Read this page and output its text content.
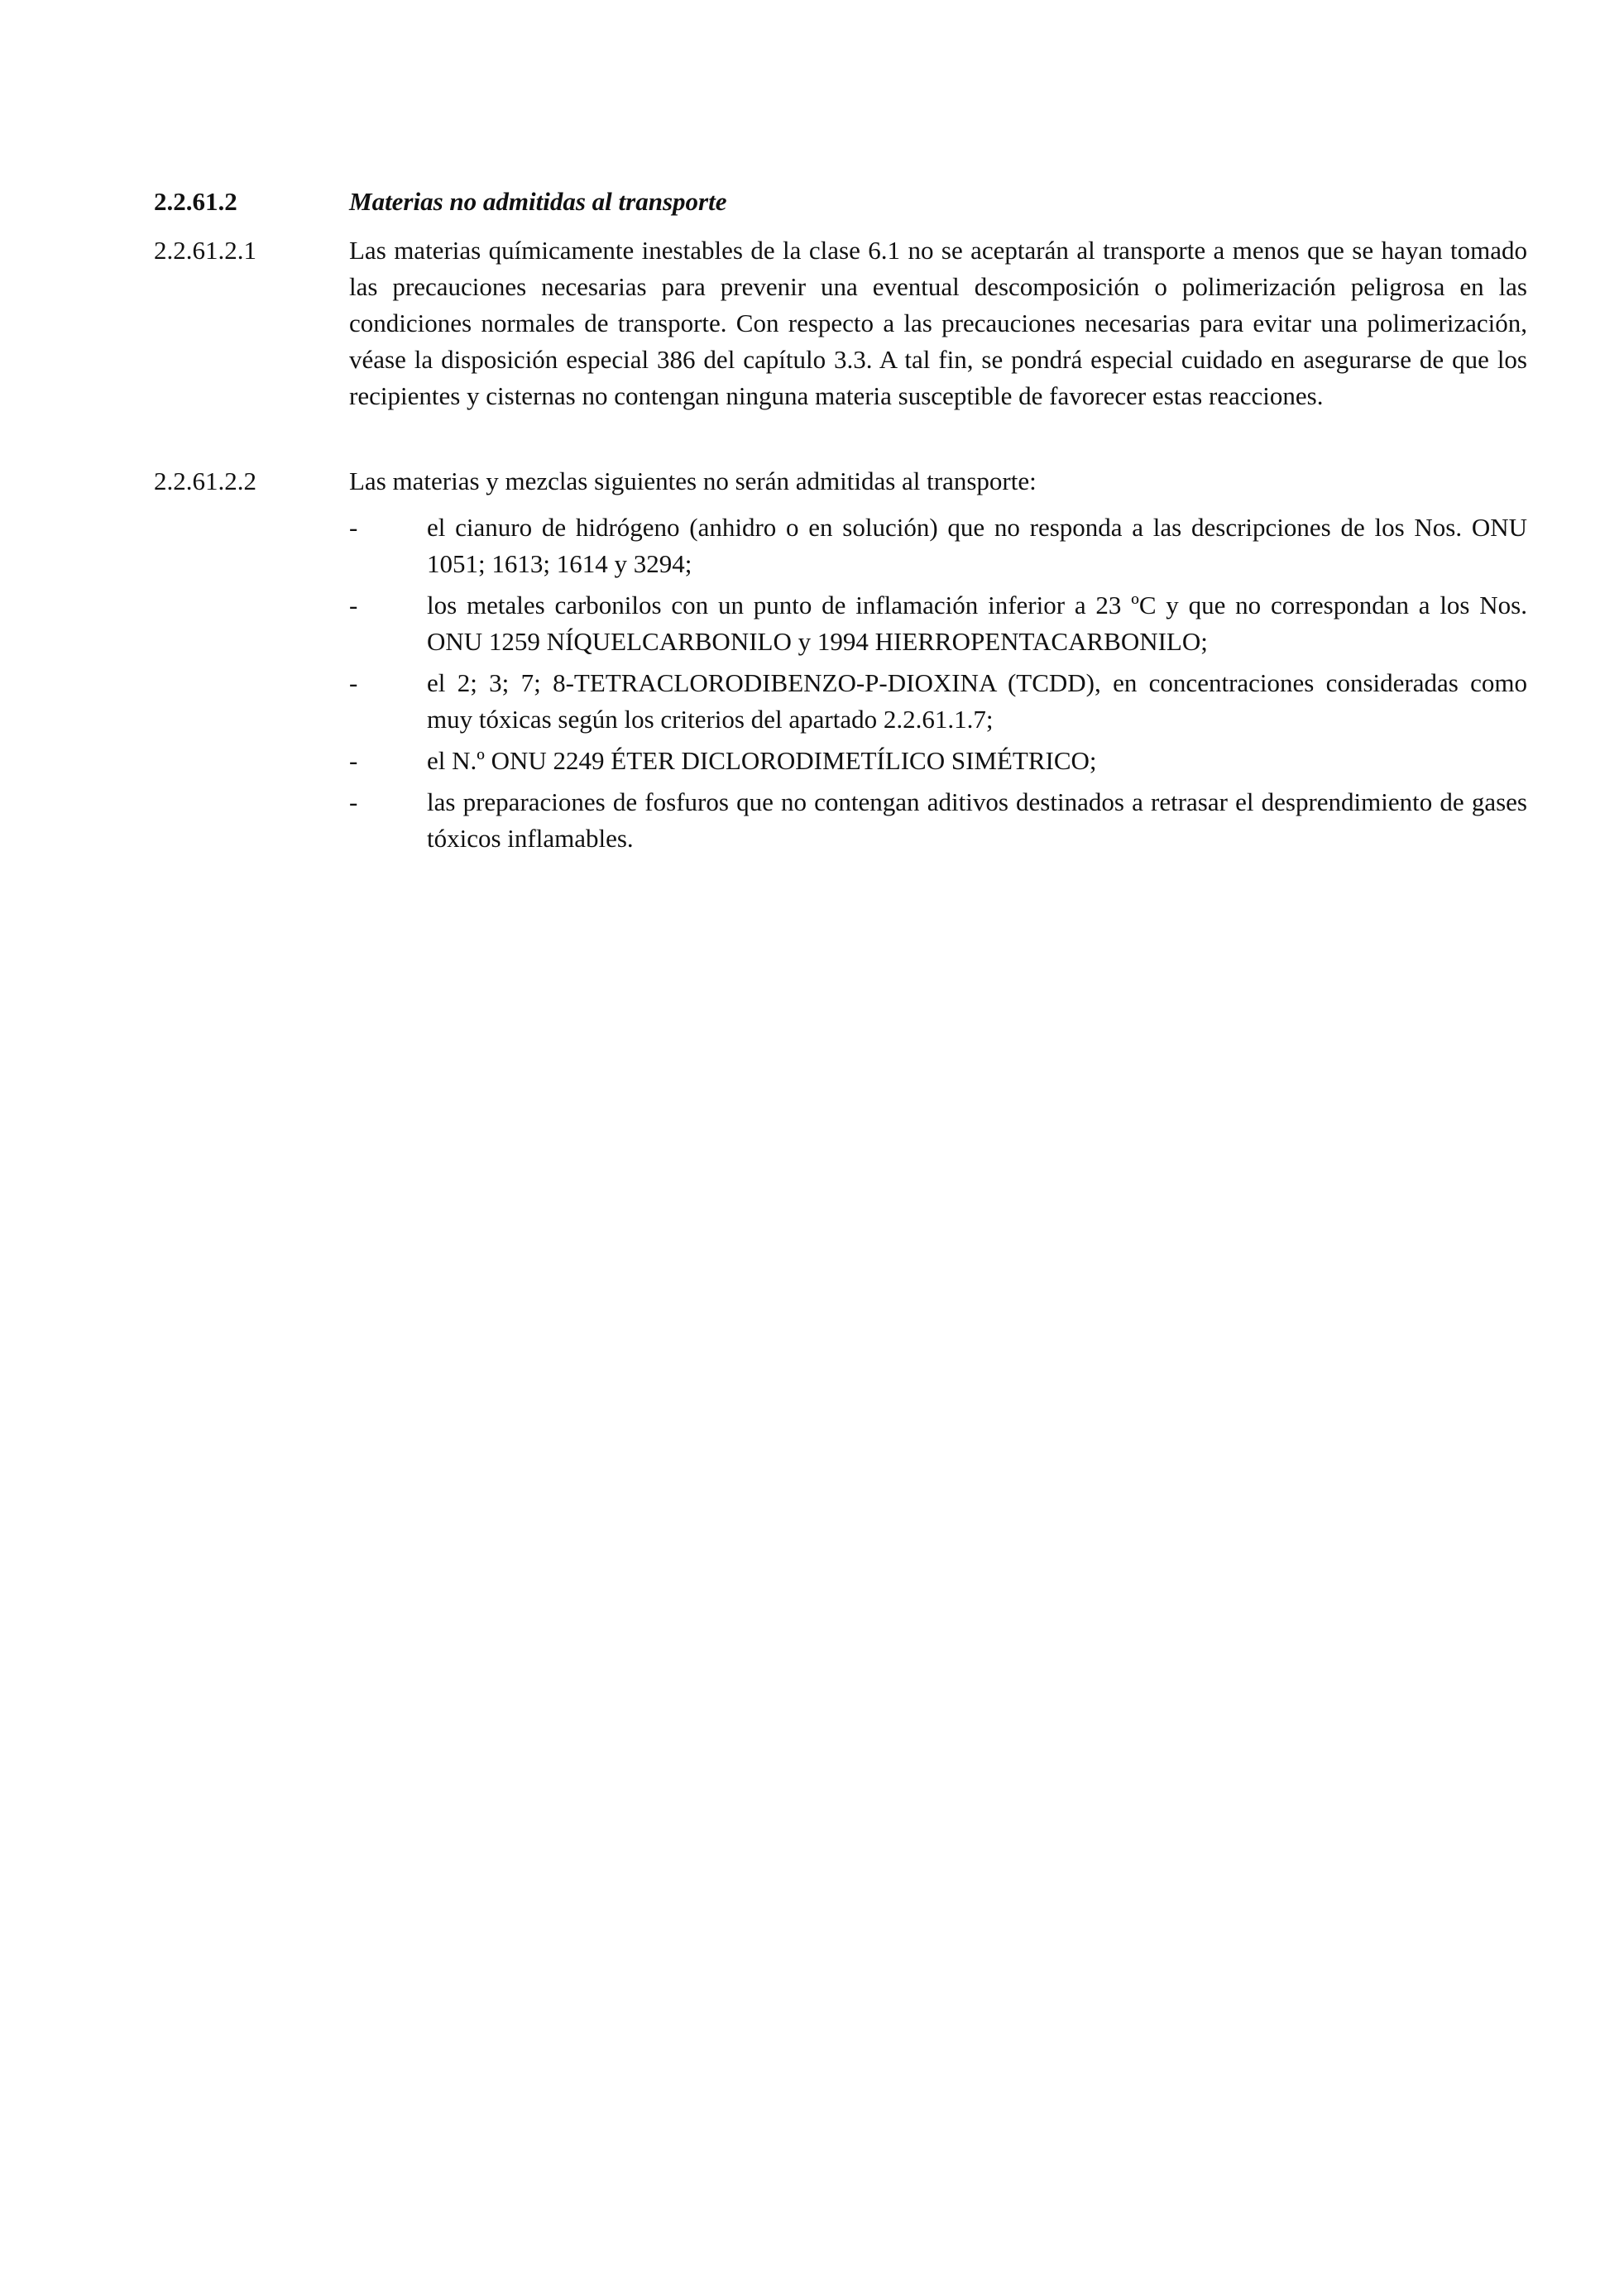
2.2.61.2	Materias no admitidas al transporte
2.2.61.2.1	Las materias químicamente inestables de la clase 6.1 no se aceptarán al transporte a menos que se hayan tomado las precauciones necesarias para prevenir una eventual descomposición o polimerización peligrosa en las condiciones normales de transporte. Con respecto a las precauciones necesarias para evitar una polimerización, véase la disposición especial 386 del capítulo 3.3. A tal fin, se pondrá especial cuidado en asegurarse de que los recipientes y cisternas no contengan ninguna materia susceptible de favorecer estas reacciones.
2.2.61.2.2	Las materias y mezclas siguientes no serán admitidas al transporte:
-	el cianuro de hidrógeno (anhidro o en solución) que no responda a las descripciones de los Nos. ONU 1051; 1613; 1614 y 3294;
-	los metales carbonilos con un punto de inflamación inferior a 23 ºC y que no correspondan a los Nos. ONU 1259 NÍQUELCARBONILO y 1994 HIERROPENTACARBONILO;
-	el 2; 3; 7; 8-TETRACLORODIBENZO-P-DIOXINA (TCDD), en concentraciones consideradas como muy tóxicas según los criterios del apartado 2.2.61.1.7;
-	el N.º ONU 2249 ÉTER DICLORODIMETÍLICO SIMÉTRICO;
-	las preparaciones de fosfuros que no contengan aditivos destinados a retrasar el desprendimiento de gases tóxicos inflamables.
